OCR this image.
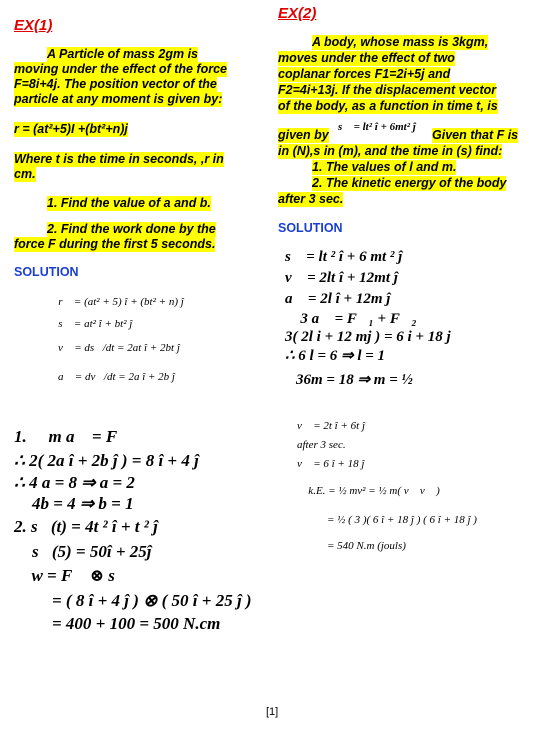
EX(1)
A Particle of mass 2gm is
moving under the effect of the force
F=8i+4j. The position vector of the
particle at any moment is given by:
r = (at²+5)I +(bt²+n)j
Where t is the time in seconds, ,r in
cm.
1. Find the value of a and b.
2. Find the work done by the
force F during the first 5 seconds.
SOLUTION
∵ r⃗ = (at² + 5) î + (bt² + n) ĵ
∴ s⃗ = at² î + bt² ĵ
v⃗ = ds⃗/dt = 2at î + 2bt ĵ
a⃗ = dv⃗/dt = 2a î + 2b ĵ
1. ∵ m a⃗ = F⃗
∴ 2( 2a î + 2b ĵ ) = 8 î + 4 ĵ
∴ 4 a = 8 ⇒ a = 2
4b = 4 ⇒ b = 1
2. s⃗(t) = 4t ² î + t ² ĵ
s⃗(5) = 50î + 25ĵ
∵ w = F⃗ ⊗ s⃗
= ( 8 î + 4 ĵ ) ⊗ ( 50 î + 25 ĵ )
= 400 + 100 = 500 N.cm
EX(2)
A body, whose mass is 3kgm,
moves under the effect of two
coplanar forces F1=2i+5j and
F2=4i+13j. If the displacement vector
of the body, as a function in time t, is
given by
s⃗ = lt² î + 6mt² ĵ
Given that F is
in (N),s in (m), and the time in (s) find:
1. The values of l and m.
2. The kinetic energy of the body
after 3 sec.
SOLUTION
s⃗ = lt ² î + 6 mt ² ĵ
v⃗ = 2lt î + 12mt ĵ
a⃗ = 2l î + 12m ĵ
∴ 3 a⃗ = F⃗₁ + F⃗₂
3( 2l i + 12 mj ) = 6 i + 18 j
∴ 6 l = 6 ⇒ l = 1
36m = 18 ⇒ m = ½
v⃗ = 2t î + 6t ĵ
after 3 sec.
v⃗ = 6 î + 18 ĵ
∵ k.E. = ½ mv² = ½ m( v⃗ v⃗ )
= ½ ( 3 )( 6 î + 18 ĵ ) ( 6 î + 18 ĵ )
= 540 N.m (jouls)
[1]
